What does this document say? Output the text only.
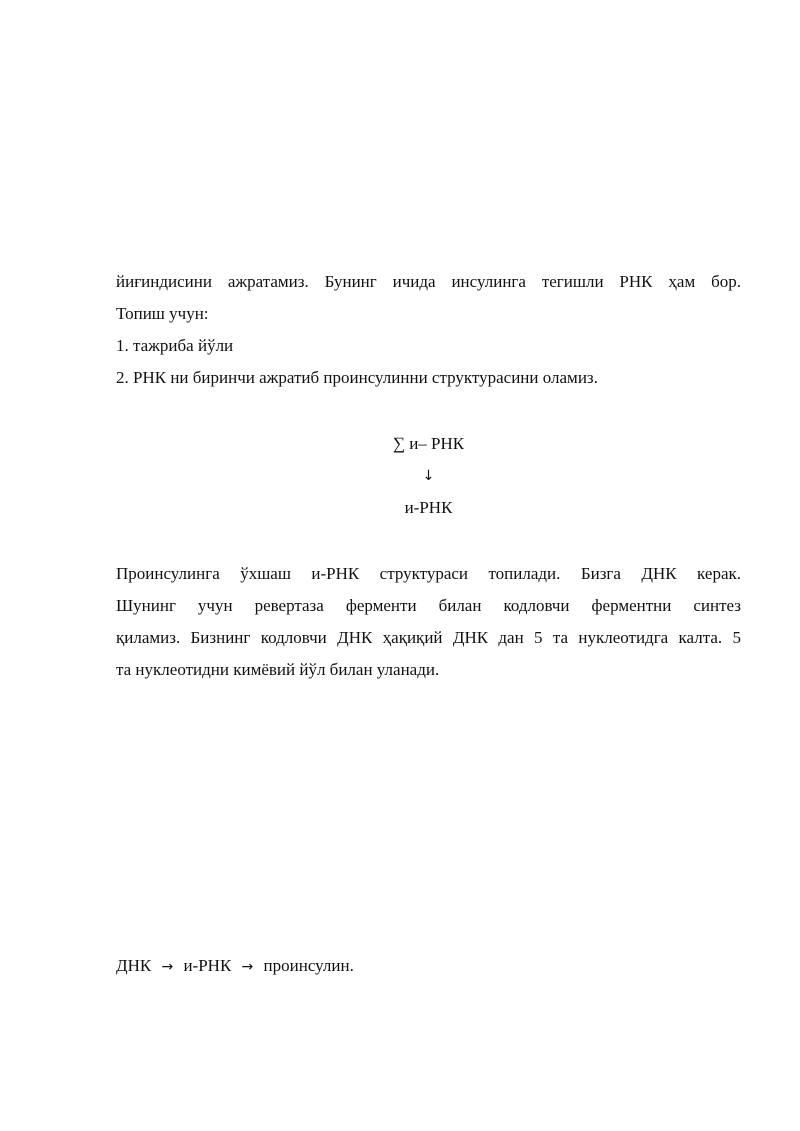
йиғиндисини ажратамиз. Бунинг ичида инсулинга тегишли РНК ҳам бор.
Топиш учун:
1. тажриба йўли
2. РНК ни биринчи ажратиб проинсулинни структурасини оламиз.
∑ и– РНК
↓
и-РНК
Проинсулинга ўхшаш и-РНК структураси топилади. Бизга ДНК керак.
Шунинг учун ревертаза ферменти билан кодловчи ферментни синтез
қиламиз. Бизнинг кодловчи ДНК ҳақиқий ДНК дан 5 та нуклеотидга калта. 5
та нуклеотидни кимёвий йўл билан уланади.
ДНК → и-РНК → проинсулин.
